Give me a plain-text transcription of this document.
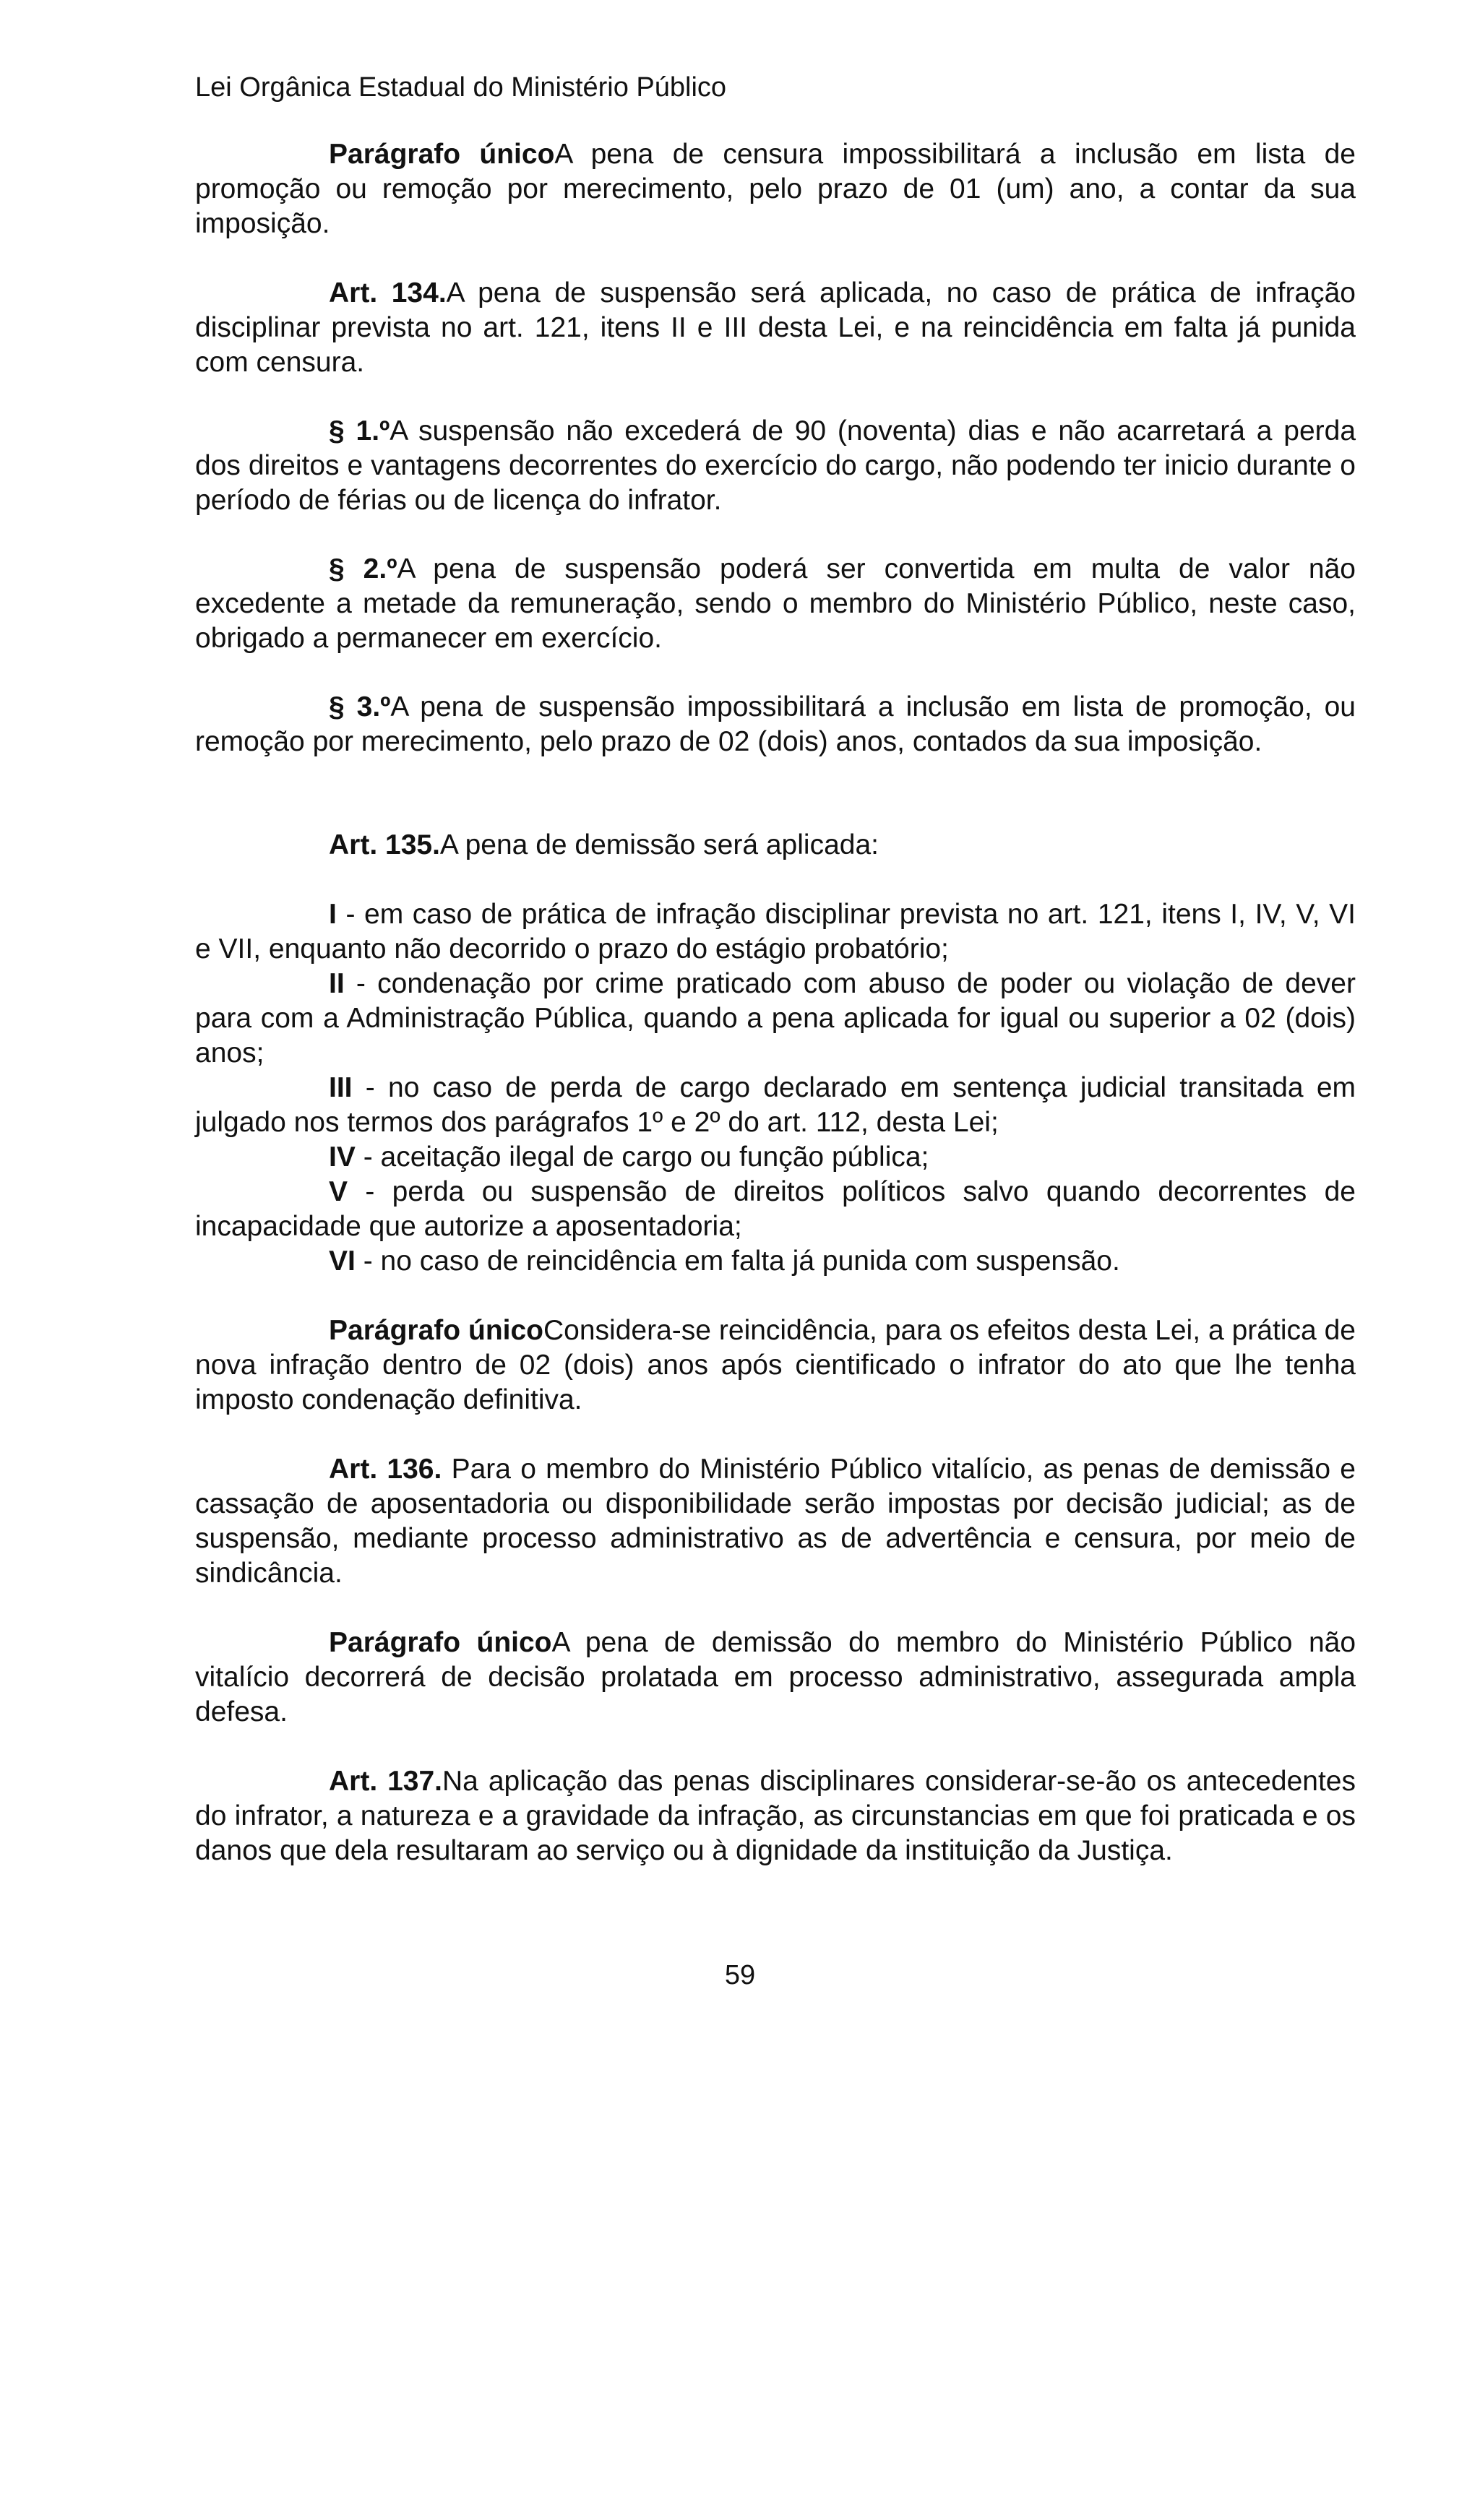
Lei Orgânica Estadual do Ministério Público

Parágrafo únicoA pena de censura impossibilitará a inclusão em lista de promoção ou remoção por merecimento, pelo prazo de 01 (um) ano, a contar da sua imposição.

Art. 134.A pena de suspensão será aplicada, no caso de prática de infração disciplinar prevista no art. 121, itens II e III desta Lei, e na reincidência em falta já punida com censura.

§ 1.ºA suspensão não excederá de 90 (noventa) dias e não acarretará a perda dos direitos e vantagens decorrentes do exercício do cargo, não podendo ter inicio durante o período de férias ou de licença do infrator.

§ 2.ºA pena de suspensão poderá ser convertida em multa de valor não excedente a metade da remuneração, sendo o membro do Ministério Público, neste caso, obrigado a permanecer em exercício.

§ 3.ºA pena de suspensão impossibilitará a inclusão em lista de promoção, ou remoção por merecimento, pelo prazo de 02 (dois) anos, contados da sua imposição.

Art. 135.A pena de demissão será aplicada:

I - em caso de prática de infração disciplinar prevista no art. 121, itens I, IV, V, VI e VII, enquanto não decorrido o prazo do estágio probatório;

II - condenação por crime praticado com abuso de poder ou violação de dever para com a Administração Pública, quando a pena aplicada for igual ou superior a 02 (dois) anos;

III - no caso de perda de cargo declarado em sentença judicial transitada em julgado nos termos dos parágrafos 1º e 2º do art. 112, desta Lei;

IV - aceitação ilegal de cargo ou função pública;

V - perda ou suspensão de direitos políticos salvo quando decorrentes de incapacidade que autorize a aposentadoria;

VI - no caso de reincidência em falta já punida com suspensão.

Parágrafo únicoConsidera-se reincidência, para os efeitos desta Lei, a prática de nova infração dentro de 02 (dois) anos após cientificado o infrator do ato que lhe tenha imposto condenação definitiva.

Art. 136. Para o membro do Ministério Público vitalício, as penas de demissão e cassação de aposentadoria ou disponibilidade serão impostas por decisão judicial; as de suspensão, mediante processo administrativo as de advertência e censura, por meio de sindicância.

Parágrafo únicoA pena de demissão do membro do Ministério Público não vitalício decorrerá de decisão prolatada em processo administrativo, assegurada ampla defesa.

Art. 137.Na aplicação das penas disciplinares considerar-se-ão os antecedentes do infrator, a natureza e a gravidade da infração, as circunstancias em que foi praticada e os danos que dela resultaram ao serviço ou à dignidade da instituição da Justiça.

59
